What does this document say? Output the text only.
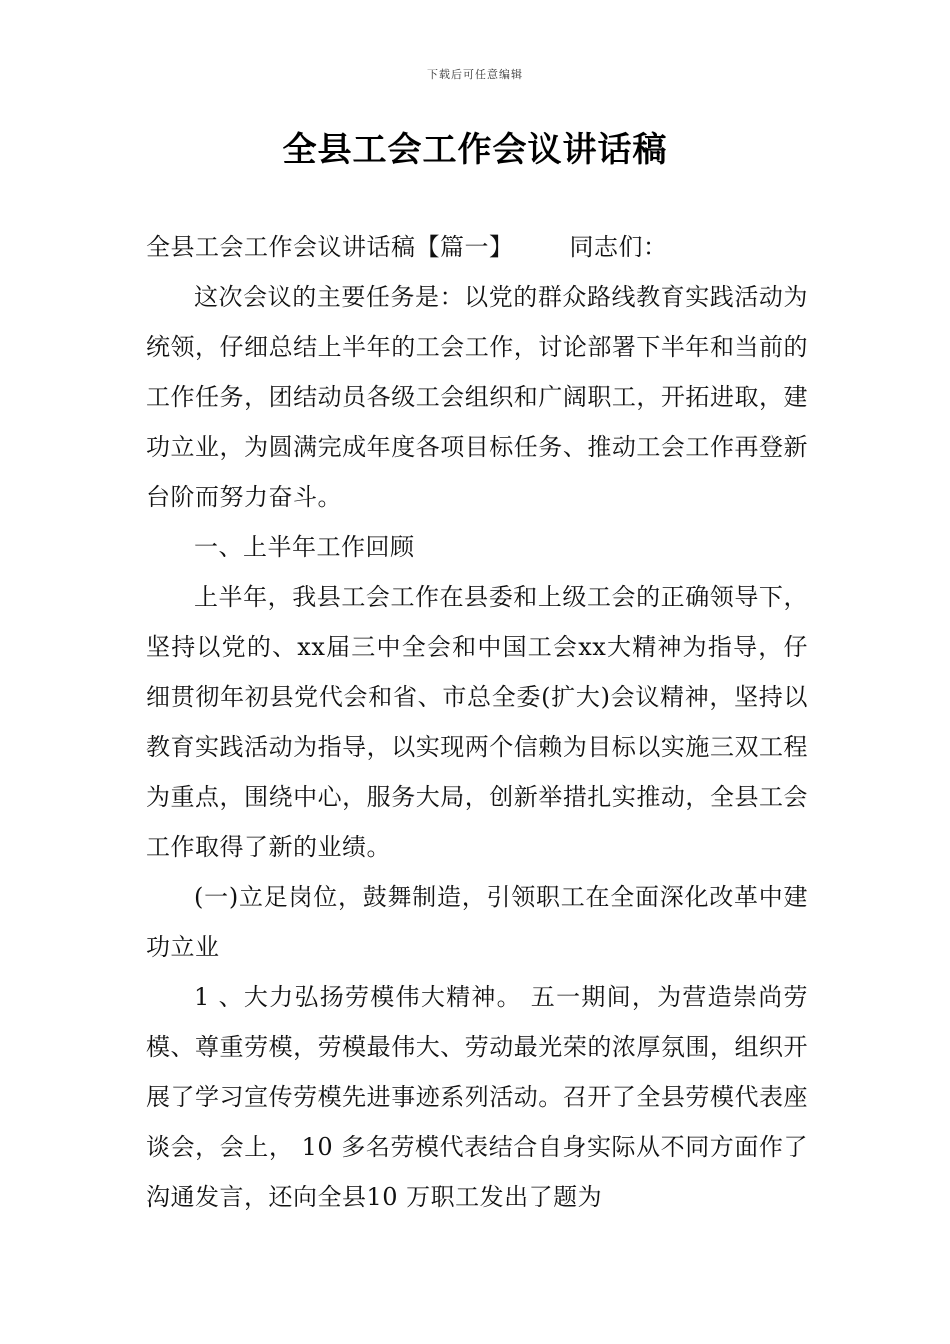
下载后可任意编辑
全县工会工作会议讲话稿

全县工会工作会议讲话稿【篇一】 同志们：

这次会议的主要任务是：以党的群众路线教育实践活动为统领，仔细总结上半年的工会工作，讨论部署下半年和当前的工作任务，团结动员各级工会组织和广阔职工，开拓进取，建功立业，为圆满完成年度各项目标任务、推动工会工作再登新台阶而努力奋斗。

一、上半年工作回顾

上半年，我县工会工作在县委和上级工会的正确领导下，坚持以党的、xx届三中全会和中国工会xx大精神为指导，仔细贯彻年初县党代会和省、市总全委(扩大)会议精神，坚持以教育实践活动为指导，以实现两个信赖为目标以实施三双工程为重点，围绕中心，服务大局，创新举措扎实推动，全县工会工作取得了新的业绩。

(一)立足岗位，鼓舞制造，引领职工在全面深化改革中建功立业

1 、大力弘扬劳模伟大精神。 五一期间，为营造崇尚劳模、尊重劳模，劳模最伟大、劳动最光荣的浓厚氛围，组织开展了学习宣传劳模先进事迹系列活动。召开了全县劳模代表座谈会，会上， 10 多名劳模代表结合自身实际从不同方面作了沟通发言，还向全县10 万职工发出了题为
